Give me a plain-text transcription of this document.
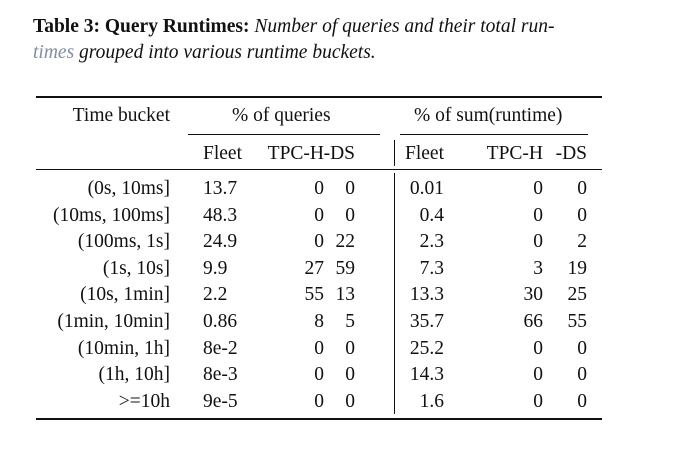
Table 3: Query Runtimes: Number of queries and their total run-
times grouped into various runtime buckets.
Time bucket	% of queries	% of sum(runtime)
Fleet TPC-H -DS	Fleet TPC-H -DS
(0s, 10ms] 13.7	0 0	0.01	0 0
(10ms, 100ms] 48.3	0 0	0.4	0 0
(100ms, 1s] 24.9	0 22	2.3	0 2
(1s, 10s] 9.9	27 59	7.3	3 19
(10s, 1min] 2.2	55 13	13.3	30 25
(1min, 10min] 0.86	8 5	35.7	66 55
(10min, 1h] 8e-2	0 0	25.2	0 0
(1h, 10h] 8e-3	0 0	14.3	0 0
>=10h 9e-5	0 0	1.6	0 0
